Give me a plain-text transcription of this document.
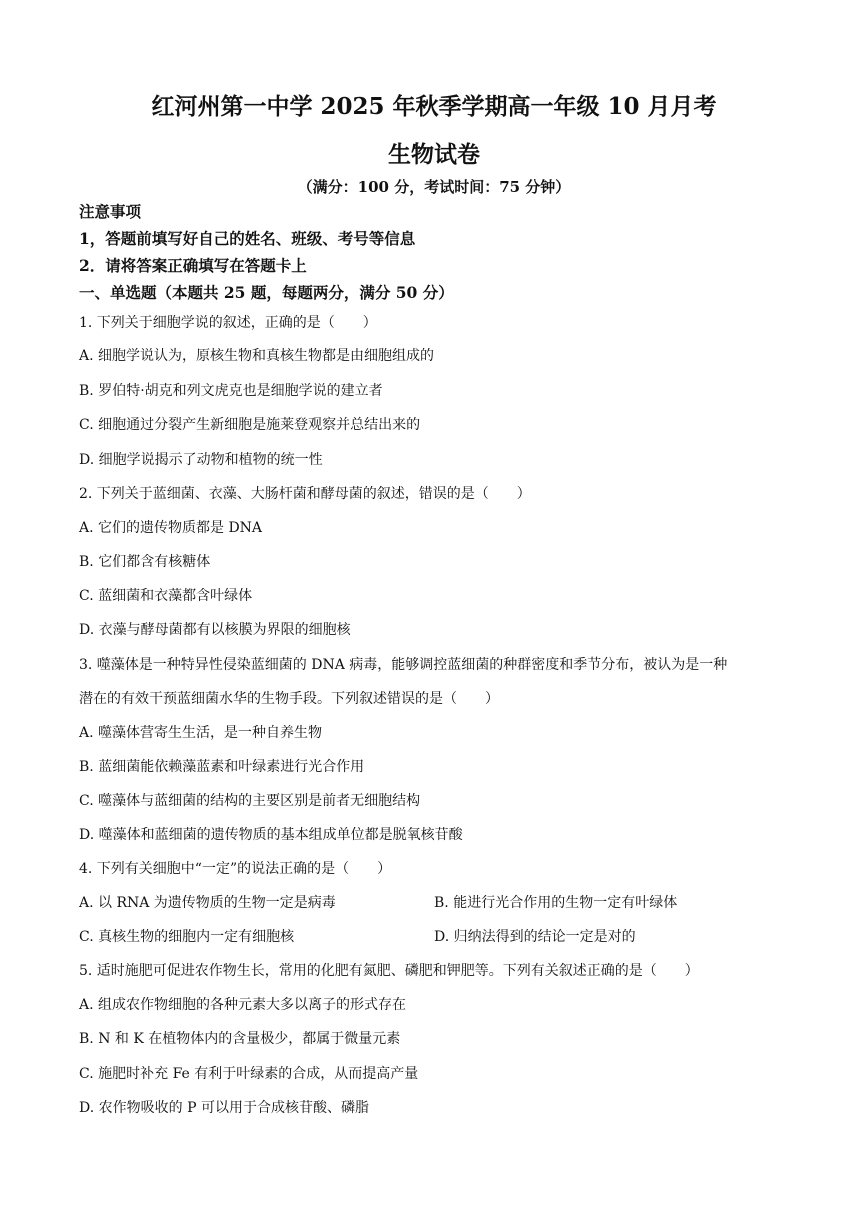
红河州第一中学 2025 年秋季学期高一年级 10 月月考
生物试卷
（满分：100 分，考试时间：75 分钟）
注意事项
1，答题前填写好自己的姓名、班级、考号等信息
2．请将答案正确填写在答题卡上
一、单选题（本题共 25 题，每题两分，满分 50 分）
1. 下列关于细胞学说的叙述，正确的是（　　）
A. 细胞学说认为，原核生物和真核生物都是由细胞组成的
B. 罗伯特·胡克和列文虎克也是细胞学说的建立者
C. 细胞通过分裂产生新细胞是施莱登观察并总结出来的
D. 细胞学说揭示了动物和植物的统一性
2. 下列关于蓝细菌、衣藻、大肠杆菌和酵母菌的叙述，错误的是（　　）
A. 它们的遗传物质都是 DNA
B. 它们都含有核糖体
C. 蓝细菌和衣藻都含叶绿体
D. 衣藻与酵母菌都有以核膜为界限的细胞核
3. 噬藻体是一种特异性侵染蓝细菌的 DNA 病毒，能够调控蓝细菌的种群密度和季节分布，被认为是一种
潜在的有效干预蓝细菌水华的生物手段。下列叙述错误的是（　　）
A. 噬藻体营寄生生活，是一种自养生物
B. 蓝细菌能依赖藻蓝素和叶绿素进行光合作用
C. 噬藻体与蓝细菌的结构的主要区别是前者无细胞结构
D. 噬藻体和蓝细菌的遗传物质的基本组成单位都是脱氧核苷酸
4. 下列有关细胞中“一定”的说法正确的是（　　）
A. 以 RNA 为遗传物质的生物一定是病毒	B. 能进行光合作用的生物一定有叶绿体
C. 真核生物的细胞内一定有细胞核	D. 归纳法得到的结论一定是对的
5. 适时施肥可促进农作物生长，常用的化肥有氮肥、磷肥和钾肥等。下列有关叙述正确的是（　　）
A. 组成农作物细胞的各种元素大多以离子的形式存在
B. N 和 K 在植物体内的含量极少，都属于微量元素
C. 施肥时补充 Fe 有利于叶绿素的合成，从而提高产量
D. 农作物吸收的 P 可以用于合成核苷酸、磷脂
